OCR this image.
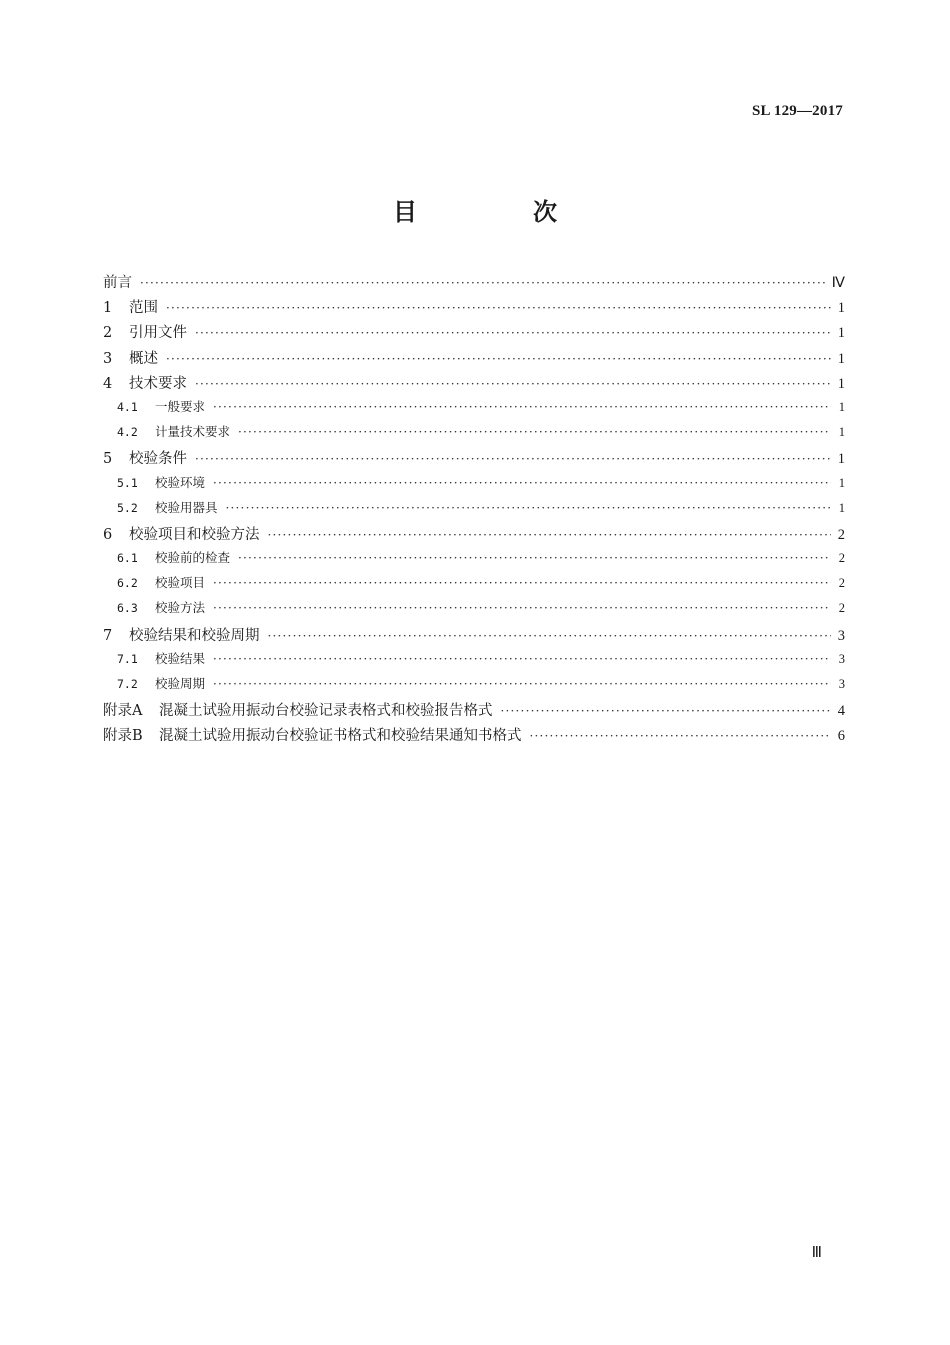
SL 129—2017
目　次
前言 ·····	Ⅳ
1	范围 ·····	1
2	引用文件 ·····	1
3	概述 ·····	1
4	技术要求 ·····	1
4.1	一般要求 ·····	1
4.2	计量技术要求 ·····	1
5	校验条件 ·····	1
5.1	校验环境 ·····	1
5.2	校验用器具 ·····	1
6	校验项目和校验方法 ·····	2
6.1	校验前的检查 ·····	2
6.2	校验项目 ·····	2
6.3	校验方法 ·····	2
7	校验结果和校验周期 ·····	3
7.1	校验结果 ·····	3
7.2	校验周期 ·····	3
附录A	混凝土试验用振动台校验记录表格式和校验报告格式 ·····	4
附录B	混凝土试验用振动台校验证书格式和校验结果通知书格式 ·····	6
Ⅲ
